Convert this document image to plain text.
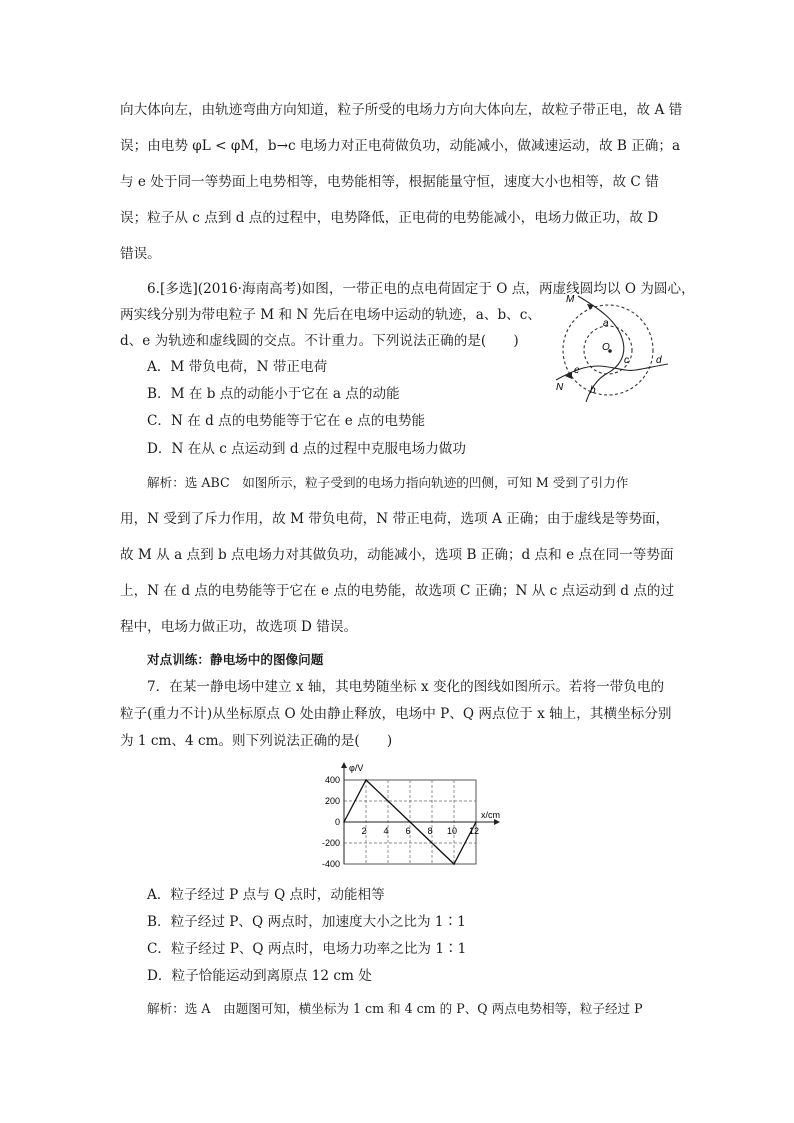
向大体向左，由轨迹弯曲方向知道，粒子所受的电场力方向大体向左，故粒子带正电，故 A 错
误；由电势 φL < φM，b→c 电场力对正电荷做负功，动能减小，做减速运动，故 B 正确；a
与 e 处于同一等势面上电势相等，电势能相等，根据能量守恒，速度大小也相等，故 C 错
误；粒子从 c 点到 d 点的过程中，电势降低，正电荷的电势能减小，电场力做正功，故 D
错误。
6.[多选](2016·海南高考)如图，一带正电的点电荷固定于 O 点，两虚线圆均以 O 为圆心，
两实线分别为带电粒子 M 和 N 先后在电场中运动的轨迹，a、b、c、
d、e 为轨迹和虚线圆的交点。不计重力。下列说法正确的是(　　)
A．M 带负电荷，N 带正电荷
B．M 在 b 点的动能小于它在 a 点的动能
C．N 在 d 点的电势能等于它在 e 点的电势能
D．N 在从 c 点运动到 d 点的过程中克服电场力做功
M
N
O
a
b
c	d
e
解析：选 ABC　如图所示，粒子受到的电场力指向轨迹的凹侧，可知 M 受到了引力作
用，N 受到了斥力作用，故 M 带负电荷，N 带正电荷，选项 A 正确；由于虚线是等势面，
故 M 从 a 点到 b 点电场力对其做负功，动能减小，选项 B 正确；d 点和 e 点在同一等势面
上，N 在 d 点的电势能等于它在 e 点的电势能，故选项 C 正确；N 从 c 点运动到 d 点的过
程中，电场力做正功，故选项 D 错误。
对点训练：静电场中的图像问题
7．在某一静电场中建立 x 轴，其电势随坐标 x 变化的图线如图所示。若将一带负电的
粒子(重力不计)从坐标原点 O 处由静止释放，电场中 P、Q 两点位于 x 轴上，其横坐标分别
为 1 cm、4 cm。则下列说法正确的是(　　)
φ/V
x/cm
400
200
0
-200
-400
2 4 6 8 10 12
A．粒子经过 P 点与 Q 点时，动能相等
B．粒子经过 P、Q 两点时，加速度大小之比为 1∶1
C．粒子经过 P、Q 两点时，电场力功率之比为 1∶1
D．粒子恰能运动到离原点 12 cm 处
解析：选 A　由题图可知，横坐标为 1 cm 和 4 cm 的 P、Q 两点电势相等，粒子经过 P
